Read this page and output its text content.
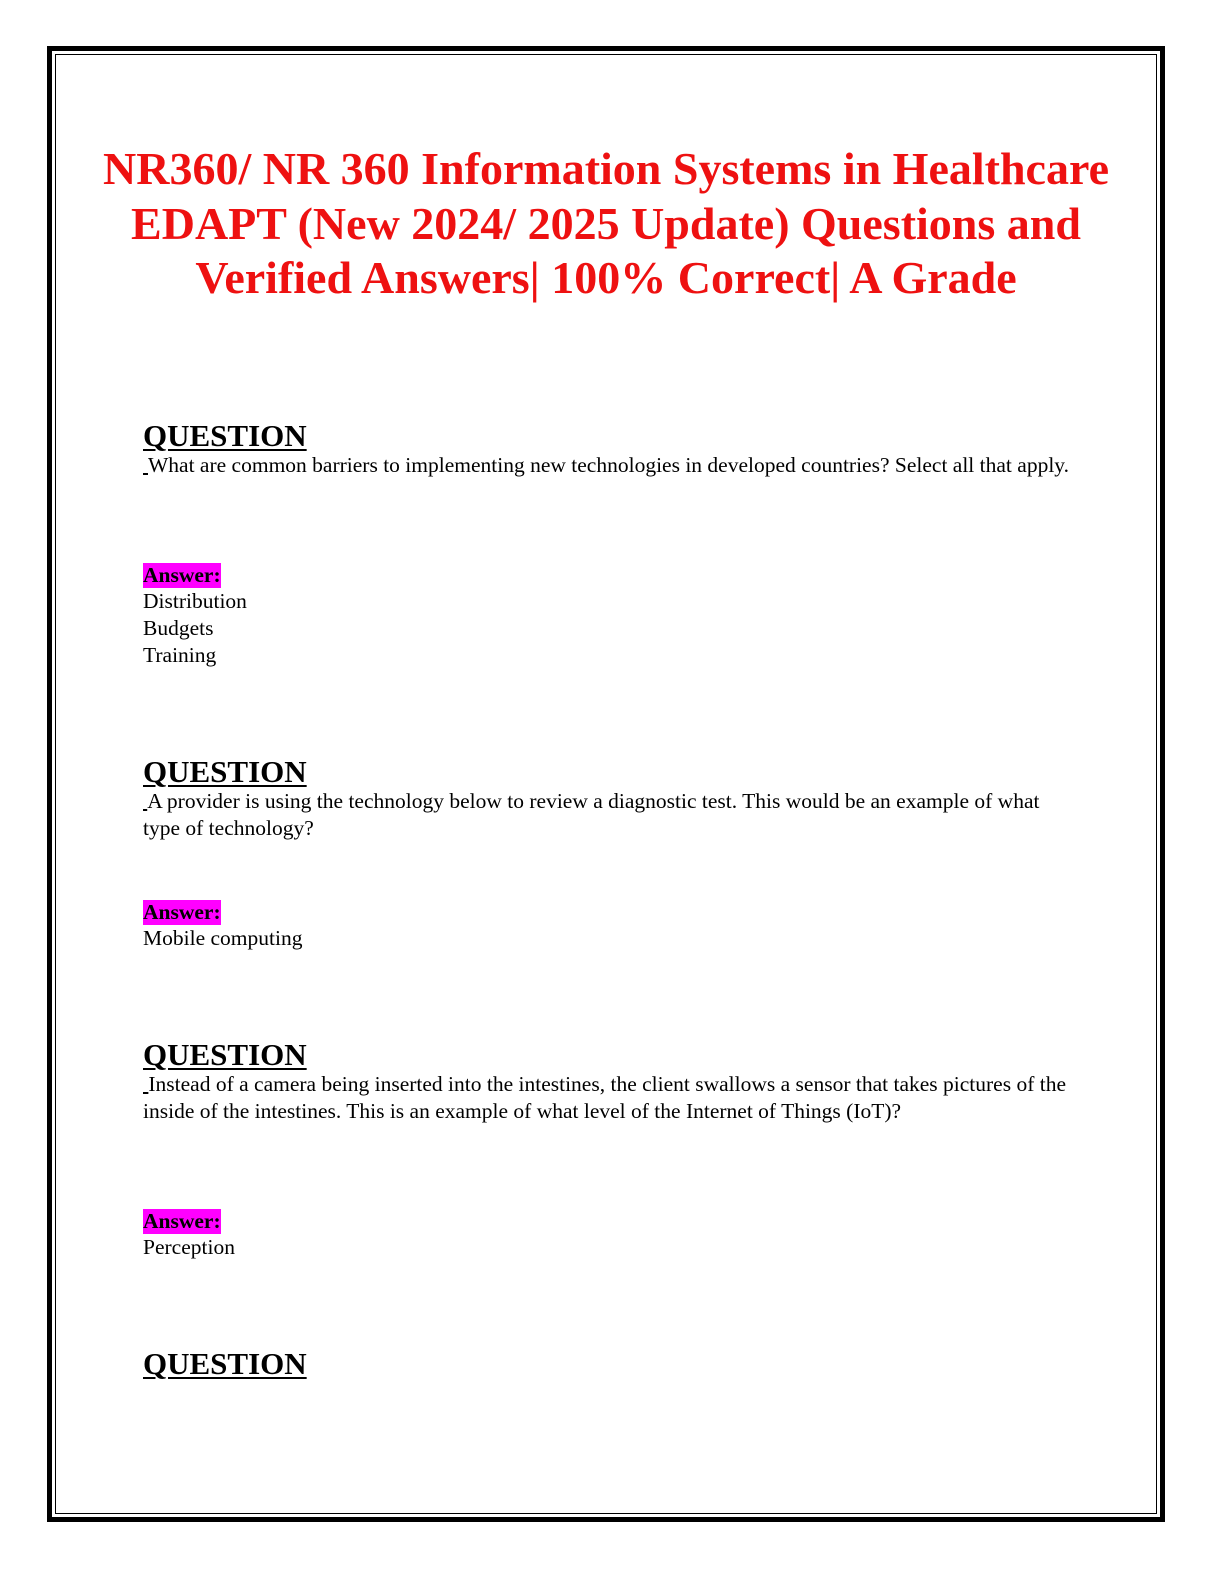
NR360/ NR 360 Information Systems in Healthcare EDAPT (New 2024/ 2025 Update) Questions and Verified Answers| 100% Correct| A Grade

QUESTION

What are common barriers to implementing new technologies in developed countries? Select all that apply.

Answer:
Distribution
Budgets
Training

QUESTION

A provider is using the technology below to review a diagnostic test. This would be an example of what type of technology?

Answer:
Mobile computing

QUESTION

Instead of a camera being inserted into the intestines, the client swallows a sensor that takes pictures of the inside of the intestines. This is an example of what level of the Internet of Things (IoT)?

Answer:
Perception

QUESTION
